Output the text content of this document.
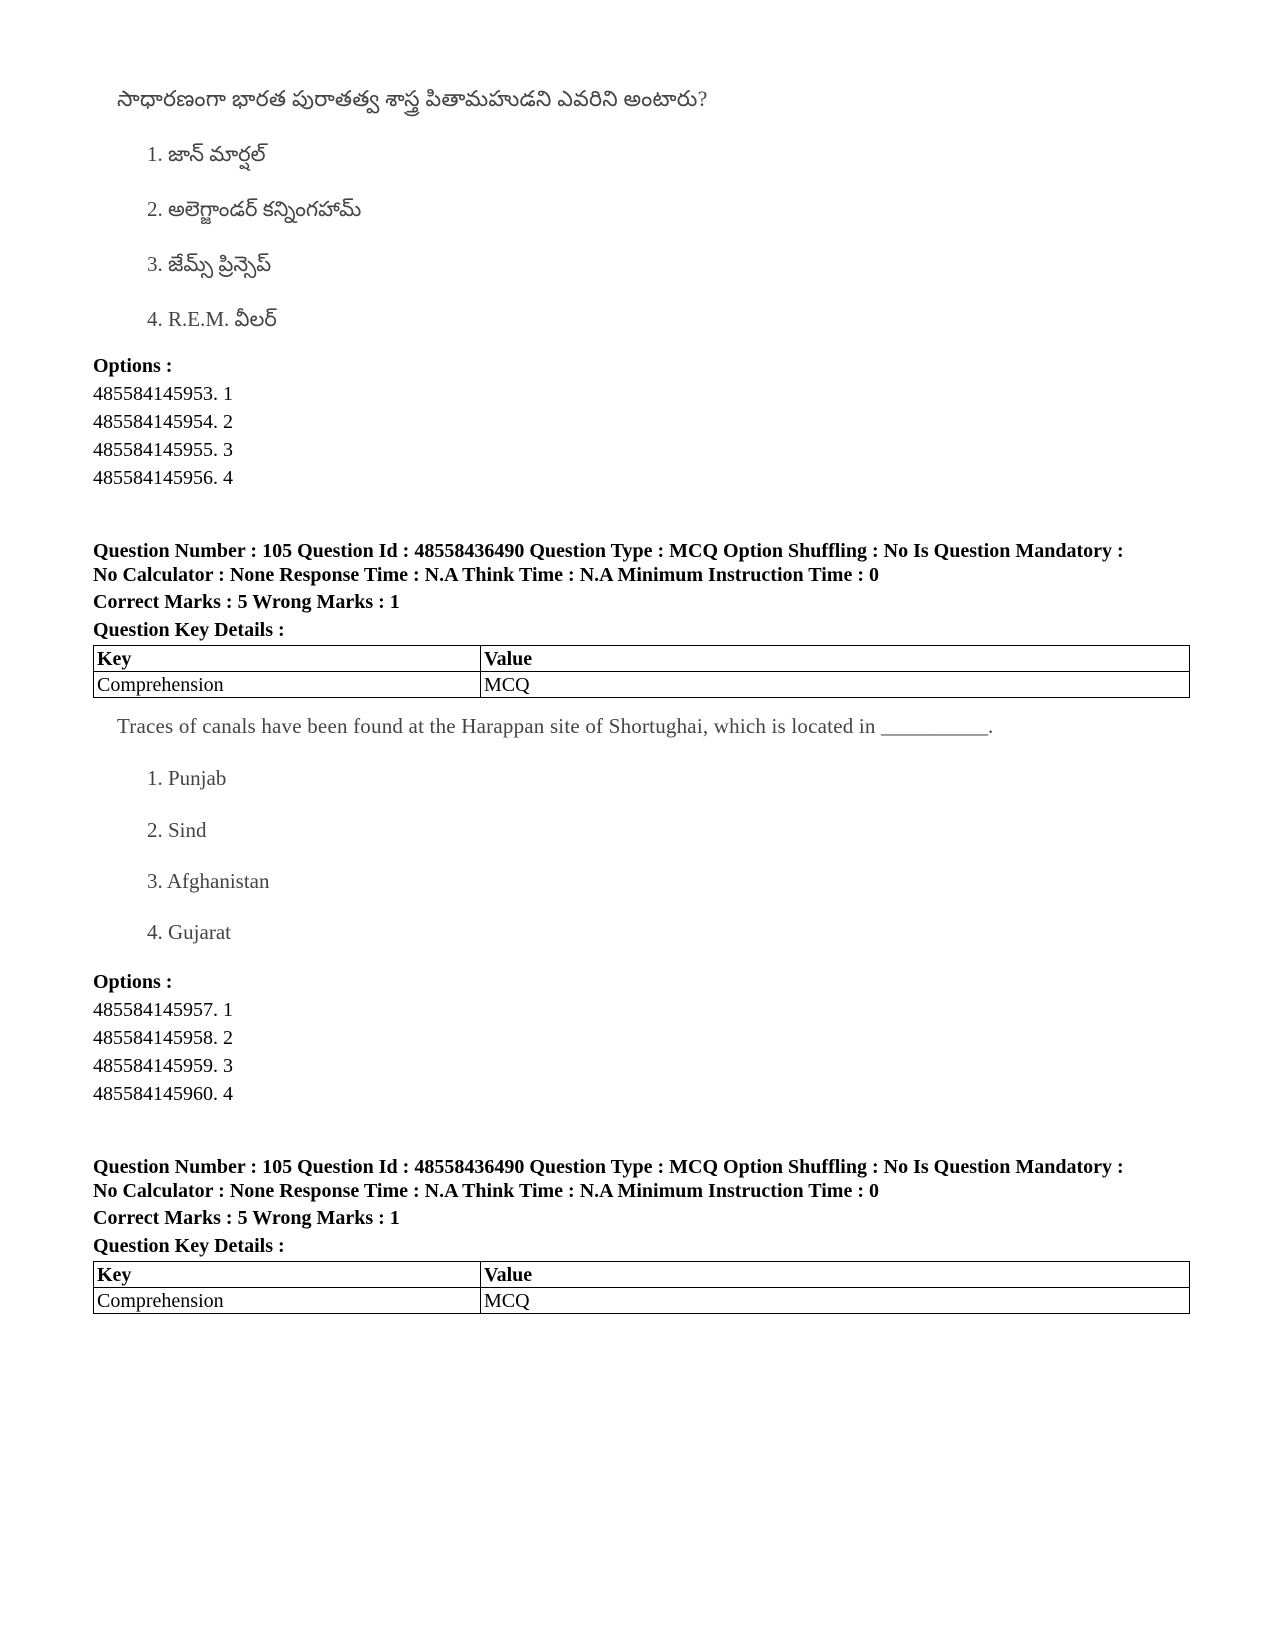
సాధారణంగా భారత పురాతత్వ శాస్త్ర పితామహుడని ఎవరిని అంటారు?
1. జాన్ మార్షల్
2. అలెగ్జాండర్ కన్నింగహామ్
3. జేమ్స్ ప్రిన్సెప్
4. R.E.M. వీలర్
Options :
485584145953. 1
485584145954. 2
485584145955. 3
485584145956. 4
Question Number : 105 Question Id : 48558436490 Question Type : MCQ Option Shuffling : No Is Question Mandatory :
No Calculator : None Response Time : N.A Think Time : N.A Minimum Instruction Time : 0
Correct Marks : 5 Wrong Marks : 1
Question Key Details :
Key	Value
Comprehension	MCQ
Traces of canals have been found at the Harappan site of Shortughai, which is located in __________.
1. Punjab
2. Sind
3. Afghanistan
4. Gujarat
Options :
485584145957. 1
485584145958. 2
485584145959. 3
485584145960. 4
Question Number : 105 Question Id : 48558436490 Question Type : MCQ Option Shuffling : No Is Question Mandatory :
No Calculator : None Response Time : N.A Think Time : N.A Minimum Instruction Time : 0
Correct Marks : 5 Wrong Marks : 1
Question Key Details :
Key	Value
Comprehension	MCQ
